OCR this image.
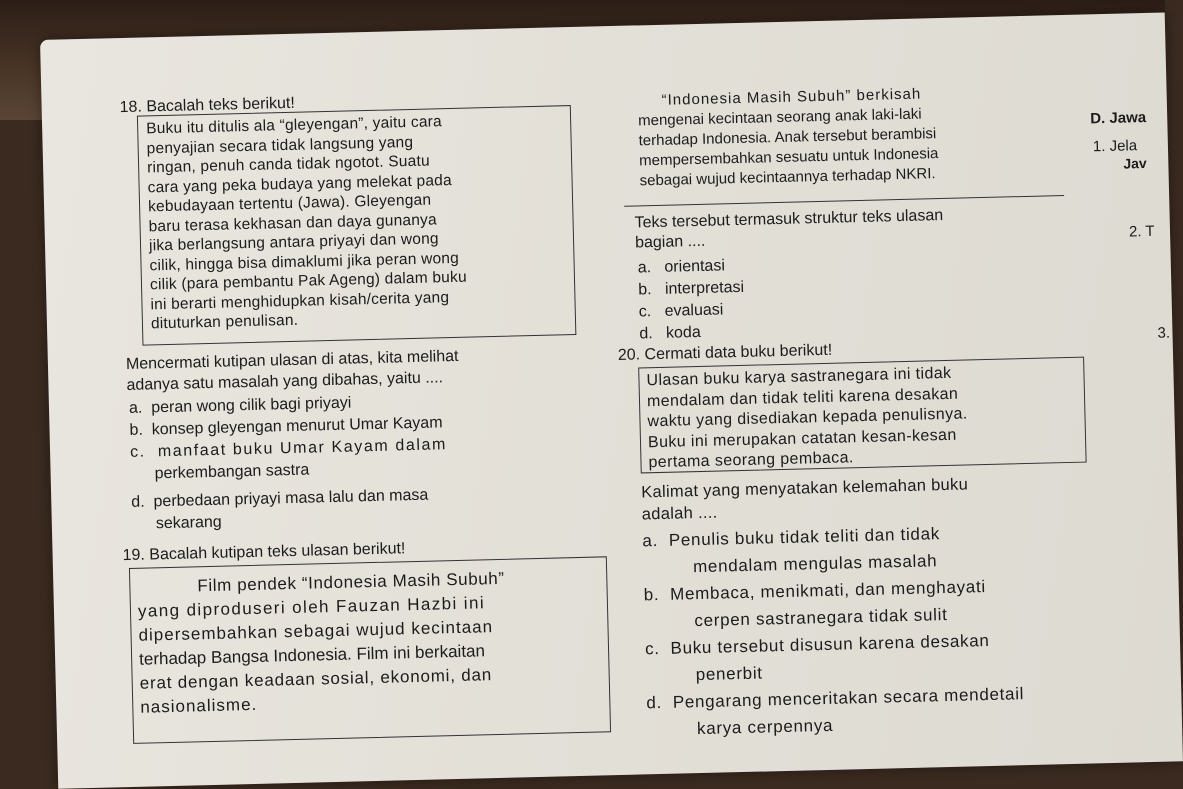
18. Bacalah teks berikut!
Buku itu ditulis ala “gleyengan”, yaitu cara
penyajian secara tidak langsung yang
ringan, penuh canda tidak ngotot. Suatu
cara yang peka budaya yang melekat pada
kebudayaan tertentu (Jawa). Gleyengan
baru terasa kekhasan dan daya gunanya
jika berlangsung antara priyayi dan wong
cilik, hingga bisa dimaklumi jika peran wong
cilik (para pembantu Pak Ageng) dalam buku
ini berarti menghidupkan kisah/cerita yang
dituturkan penulisan.
Mencermati kutipan ulasan di atas, kita melihat
adanya satu masalah yang dibahas, yaitu ....
a. peran wong cilik bagi priyayi
b. konsep gleyengan menurut Umar Kayam
c. manfaat buku Umar Kayam dalam
perkembangan sastra
d. perbedaan priyayi masa lalu dan masa
sekarang
19. Bacalah kutipan teks ulasan berikut!
Film pendek “Indonesia Masih Subuh”
yang diproduseri oleh Fauzan Hazbi ini
dipersembahkan sebagai wujud kecintaan
terhadap Bangsa Indonesia. Film ini berkaitan
erat dengan keadaan sosial, ekonomi, dan
nasionalisme.
“Indonesia Masih Subuh” berkisah
mengenai kecintaan seorang anak laki-laki
terhadap Indonesia. Anak tersebut berambisi
mempersembahkan sesuatu untuk Indonesia
sebagai wujud kecintaannya terhadap NKRI.
Teks tersebut termasuk struktur teks ulasan
bagian ....
a. orientasi
b. interpretasi
c. evaluasi
d. koda
20. Cermati data buku berikut!
Ulasan buku karya sastranegara ini tidak
mendalam dan tidak teliti karena desakan
waktu yang disediakan kepada penulisnya.
Buku ini merupakan catatan kesan-kesan
pertama seorang pembaca.
Kalimat yang menyatakan kelemahan buku
adalah ....
a. Penulis buku tidak teliti dan tidak
mendalam mengulas masalah
b. Membaca, menikmati, dan menghayati
cerpen sastranegara tidak sulit
c. Buku tersebut disusun karena desakan
penerbit
d. Pengarang menceritakan secara mendetail
karya cerpennya
D. Jawa
1. Jela
Jav
2. T
3.
